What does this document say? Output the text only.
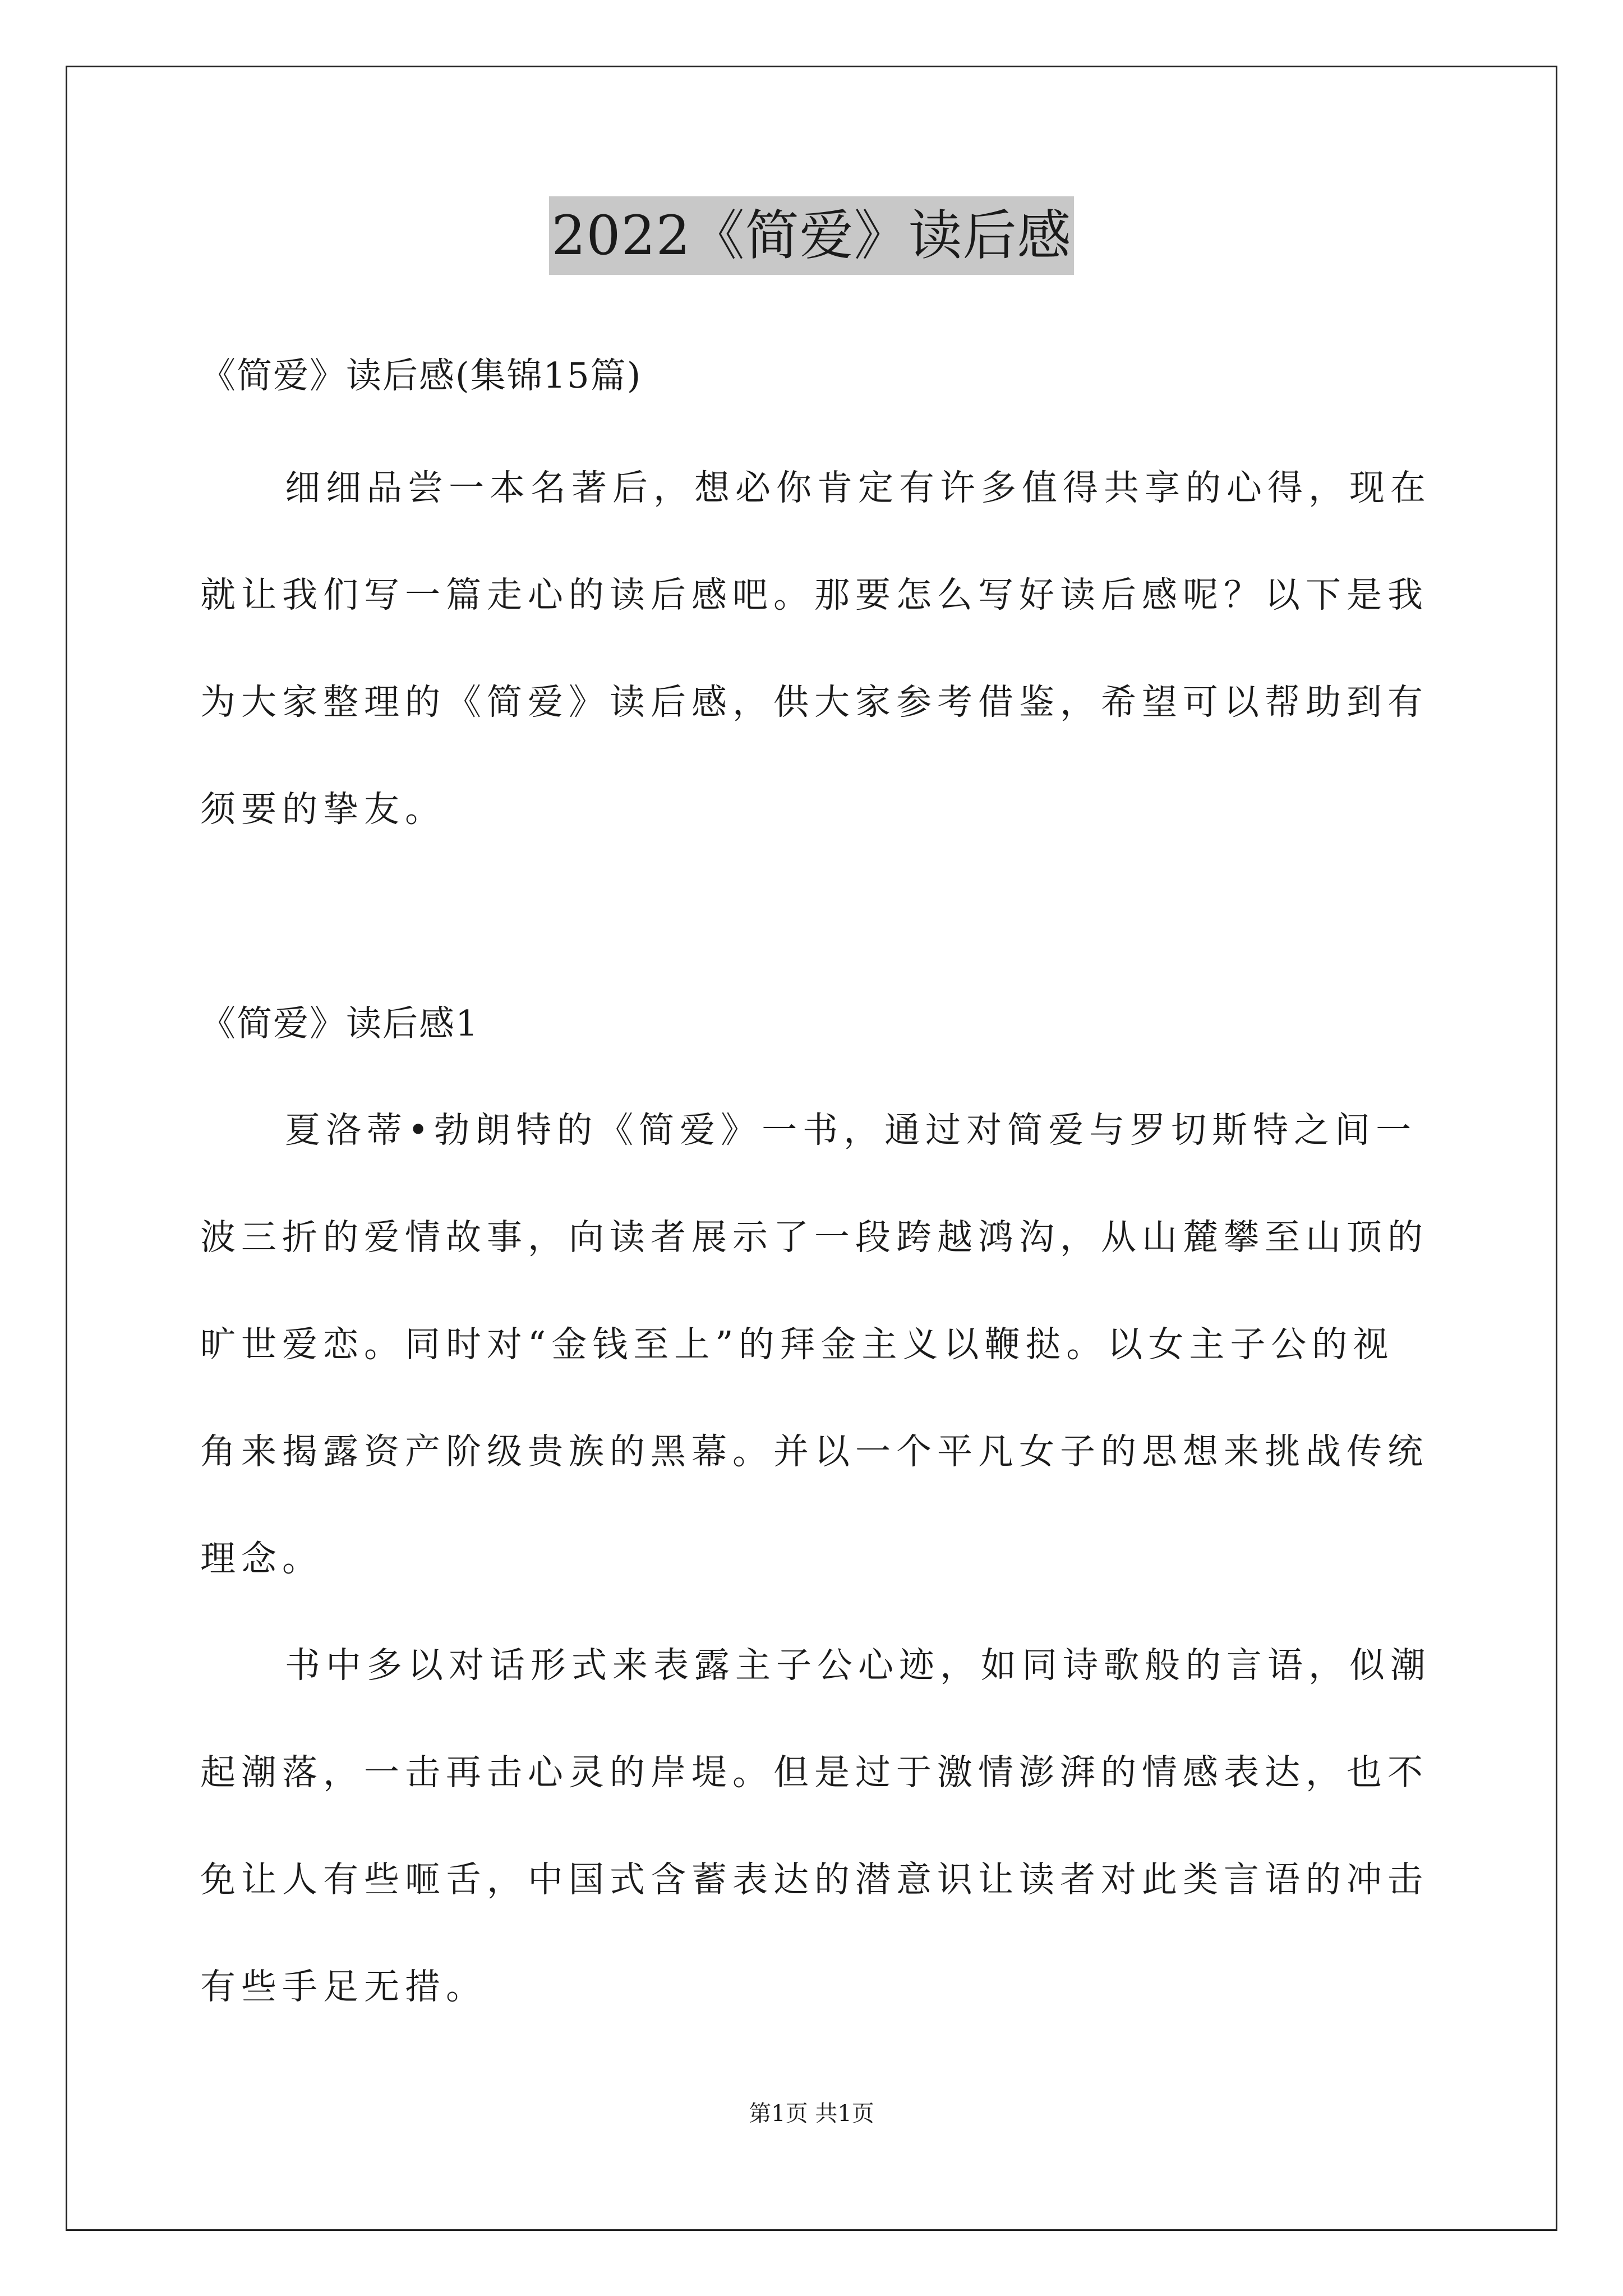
2022《简爱》读后感
《简爱》读后感(集锦15篇)
细细品尝一本名著后，想必你肯定有许多值得共享的心得，现在
就让我们写一篇走心的读后感吧。那要怎么写好读后感呢？以下是我
为大家整理的《简爱》读后感，供大家参考借鉴，希望可以帮助到有
须要的挚友。
《简爱》读后感1
夏洛蒂•勃朗特的《简爱》一书，通过对简爱与罗切斯特之间一
波三折的爱情故事，向读者展示了一段跨越鸿沟，从山麓攀至山顶的
旷世爱恋。同时对“金钱至上”的拜金主义以鞭挞。以女主子公的视
角来揭露资产阶级贵族的黑幕。并以一个平凡女子的思想来挑战传统
理念。
书中多以对话形式来表露主子公心迹，如同诗歌般的言语，似潮
起潮落，一击再击心灵的岸堤。但是过于激情澎湃的情感表达，也不
免让人有些咂舌，中国式含蓄表达的潜意识让读者对此类言语的冲击
有些手足无措。
第1页 共1页
